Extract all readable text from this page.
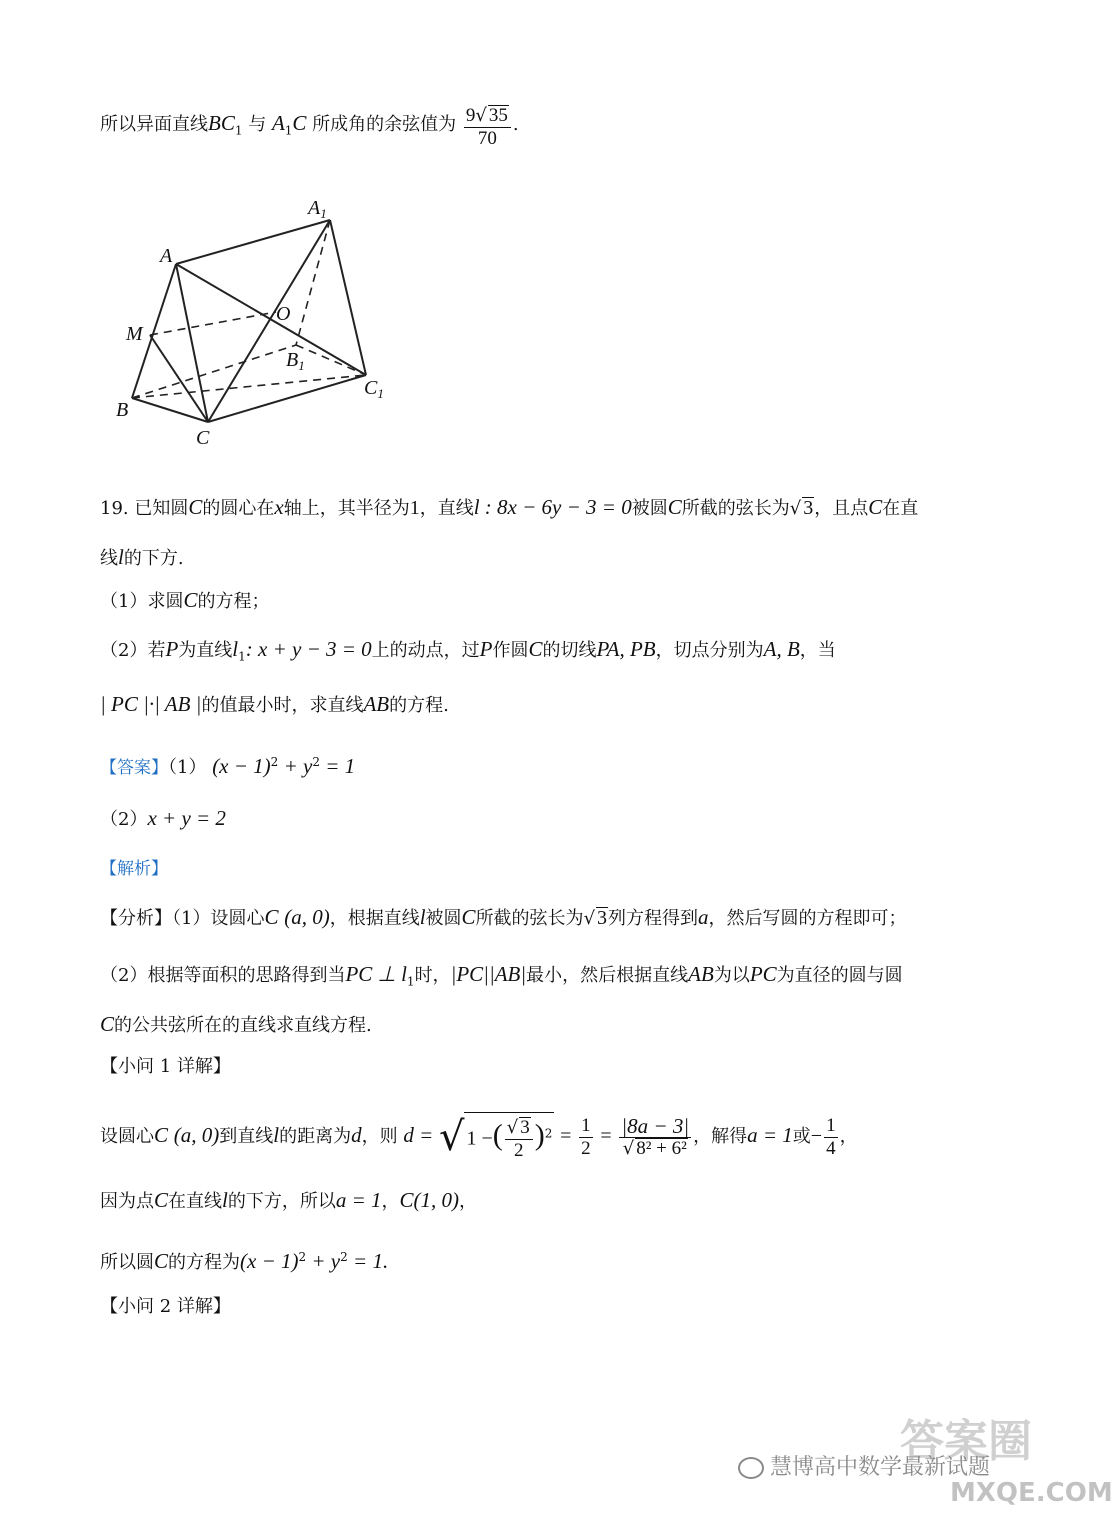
所以异面直线$BC_1$ 与 $A_1C$ 所成角的余弦值为 $\frac{9√ 35}{70}$ .
$A_1$
A
O
M
$B_1$
$C_1$
B
C
19. 已知圆C的圆心在x轴上，其半径为1，直线l : 8x − 6y − 3 = 0被圆C所截的弦长为√ 3，且点C在直
线l的下方.
（1）求圆C的方程；
（2）若P为直线$l_1$: x + y − 3 = 0上的动点，过P作圆C的切线PA, PB，切点分别为A, B，当
| PC |·| AB |的值最小时，求直线AB的方程.
【答案】（1） $(x - 1)^2 + y^2 = 1$
（2）x + y = 2
【解析】
【分析】（1）设圆心C (a, 0)，根据直线l被圆C所截的弦长为√ 3列方程得到a，然后写圆的方程即可；
（2）根据等面积的思路得到当PC ⊥ $l_1$时，|PC||AB|最小，然后根据直线AB为以PC为直径的圆与圆
C的公共弦所在的直线求直线方程.
【小问 1 详解】
设圆心C (a, 0)到直线l的距离为d，则 d = √ 1 −( $\frac{√ 3}{2} )^2 = \frac{1}{2} = \frac{|8a - 3|}{\text{√ 8² + 6²}}$ ，解得a = 1或− $\frac{1}{4}$ ，
因为点C在直线l的下方，所以a = 1，C(1, 0)，
所以圆C的方程为$(x - 1)^2 + y^2 = 1$.
【小问 2 详解】
答案圈
MXQE.COM
慧博高中数学最新试题
